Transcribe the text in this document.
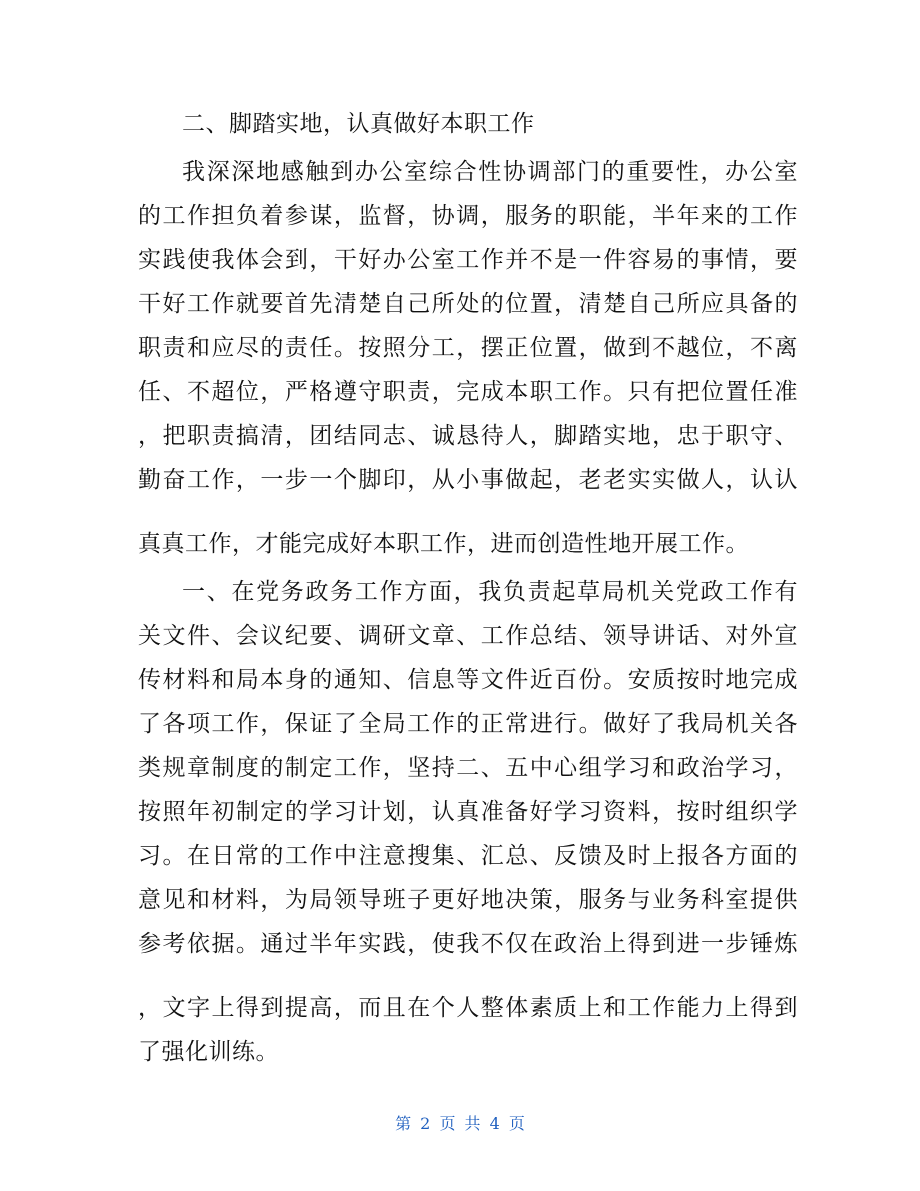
二、脚踏实地，认真做好本职工作
我深深地感触到办公室综合性协调部门的重要性，办公室
的工作担负着参谋，监督，协调，服务的职能，半年来的工作
实践使我体会到，干好办公室工作并不是一件容易的事情，要
干好工作就要首先清楚自己所处的位置，清楚自己所应具备的
职责和应尽的责任。按照分工，摆正位置，做到不越位，不离
任、不超位，严格遵守职责，完成本职工作。只有把位置任准
，把职责搞清，团结同志、诚恳待人，脚踏实地，忠于职守、
勤奋工作，一步一个脚印，从小事做起，老老实实做人，认认
真真工作，才能完成好本职工作，进而创造性地开展工作。
一、在党务政务工作方面，我负责起草局机关党政工作有
关文件、会议纪要、调研文章、工作总结、领导讲话、对外宣
传材料和局本身的通知、信息等文件近百份。安质按时地完成
了各项工作，保证了全局工作的正常进行。做好了我局机关各
类规章制度的制定工作，坚持二、五中心组学习和政治学习，
按照年初制定的学习计划，认真准备好学习资料，按时组织学
习。在日常的工作中注意搜集、汇总、反馈及时上报各方面的
意见和材料，为局领导班子更好地决策，服务与业务科室提供
参考依据。通过半年实践，使我不仅在政治上得到进一步锤炼
，文字上得到提高，而且在个人整体素质上和工作能力上得到
了强化训练。
第 2 页 共 4 页
